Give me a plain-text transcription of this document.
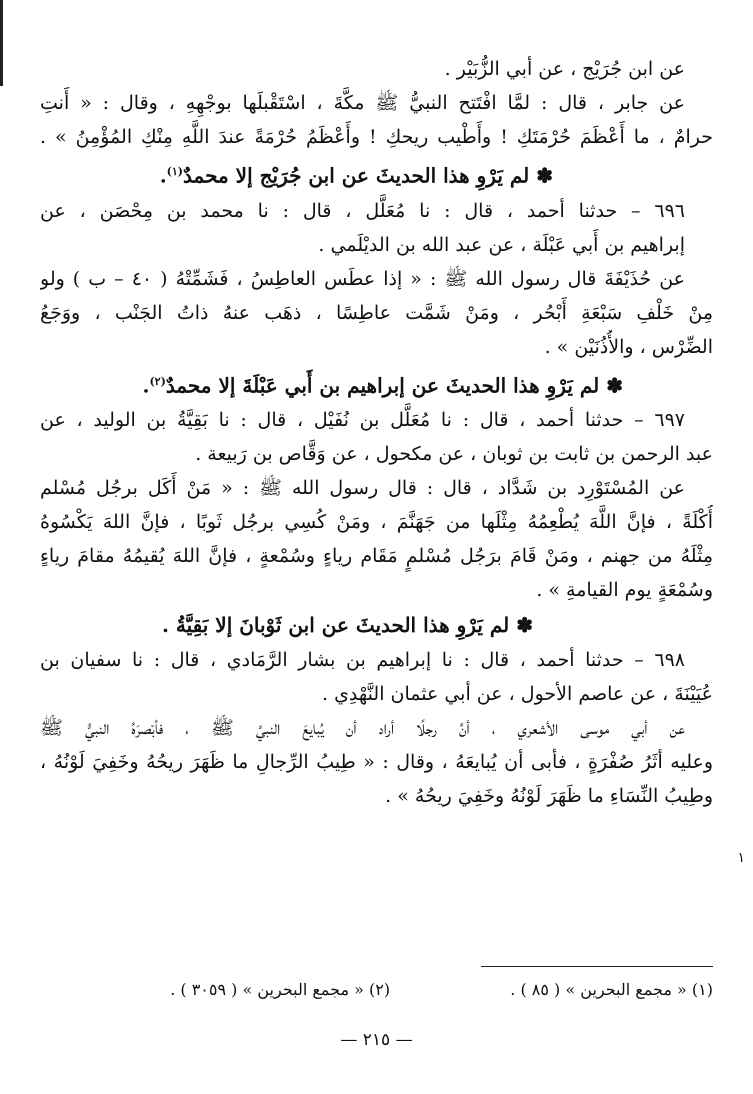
عن ابن جُرَيْج ، عن أبي الزُّبَيْر .
عن جابر ، قال : لمَّا افْتَتح النبيُّ ﷺ مكَّةَ ، اسْتَقْبلَها بوجْهِهِ ، وقال : « أَنتِ
حرامٌ ، ما أَعْظَمَ حُرْمَتَكِ ! وأَطْيب ريحكِ ! وأَعْظَمُ حُرْمَةً عندَ اللَّهِ مِنْكِ المُؤْمِنُ » .
✽ لم يَرْوِ هذا الحديثَ عن ابن جُرَيْج إلا محمدٌ$^{(١)}$.
٦٩٦ – حدثنا أحمد ، قال : نا مُعَلَّل ، قال : نا محمد بن مِحْصَن ، عن
إبراهيم بن أَبي عَبْلَة ، عن عبد الله بن الديْلَمي .
عن حُذَيْفَةَ قال رسول الله ﷺ : « إذا عطَس العاطِسُ ، فَشَمِّتْهُ ( ٤٠ – ب ) ولو
مِنْ خَلْفِ سَبْعَةِ أَبْحُر ، ومَنْ شَمَّت عاطِسًا ، ذهَب عنهُ ذاتُ الجَنْب ، ووَجَعُ
الضِّرْس ، والأُذُنَيْن » .
✽ لم يَرْوِ هذا الحديثَ عن إبراهيم بن أَبي عَبْلَةَ إلا محمدٌ$^{(٢)}$.
٦٩٧ – حدثنا أحمد ، قال : نا مُعَلَّل بن نُفَيْل ، قال : نا بَقِيَّةُ بن الوليد ، عن
عبد الرحمن بن ثابت بن ثوبان ، عن مكحول ، عن وَقَّاص بن رَبيعة .
عن المُسْتَوْرِد بن شَدَّاد ، قال : قال رسول الله ﷺ : « مَنْ أَكَل برجُل مُسْلم
أُكْلَةً ، فإنَّ اللَّهَ يُطْعِمُهُ مِثْلَها من جَهَنَّمَ ، ومَنْ كُسِي برجُل ثَوبًا ، فإنَّ اللهَ يَكْسُوهُ
مِثْلَهُ من جهنم ، ومَنْ قَامَ برَجُل مُسْلمٍ مَقَام رياءٍ وسُمْعةٍ ، فإنَّ اللهَ يُقيمُهُ مقامَ رياءٍ
وسُمْعَةٍ يوم القيامةِ » .
✽ لم يَرْوِ هذا الحديثَ عن ابن ثَوْبانَ إلا بَقِيَّةُ .
٦٩٨ – حدثنا أحمد ، قال : نا إبراهيم بن بشار الرَّمَادي ، قال : نا سفيان بن
عُيَيْنَةَ ، عن عاصم الأحول ، عن أبي عثمان النَّهْدِي .
عن أبي موسى الأشعري ، أنَّ رجلًا أراد أن يُبايعَ النبيَّ ﷺ ، فأبْصرَهُ النبيُّ ﷺ
وعليه أثَرُ صُفْرَةٍ ، فأبى أن يُبايعَهُ ، وقال : « طِيبُ الرِّجالِ ما ظَهَرَ ريحُهُ وخَفِيَ لَوْنُهُ ،
وطِيبُ النِّسَاءِ ما ظَهَرَ لَوْنُهُ وخَفِيَ ريحُهُ » .
١
(١) « مجمع البحرين » ( ٨٥ ) .  (٢) « مجمع البحرين » ( ٣٠٥٩ ) .
— ٢١٥ —
